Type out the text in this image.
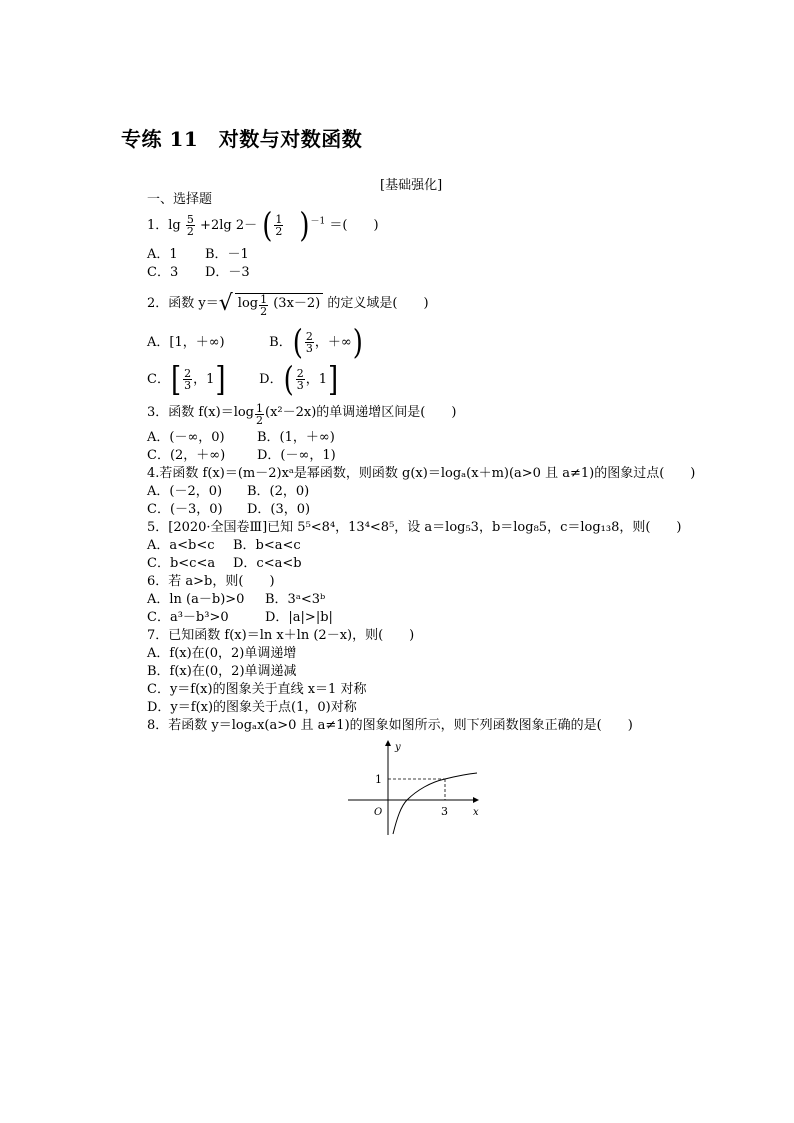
专练 11　对数与对数函数
[基础强化]
一、选择题
1．$\lg \frac{5}{2} +2\lg$ 2－ ( $\frac{1}{2} )^{-1}$ ＝(　　)
A．1 B．－1
C．3 D．－3
2．函数 y＝√ $\log \frac{1}{2} (3x-2)$ 的定义域是(　　)
A．[1，＋∞)	B．( $\frac{2}{3}$ ，＋∞)
C．[ $\frac{2}{3}$ ，1]	D．( $\frac{2}{3}$ ，1]
3．函数 $f(x)=\log \frac{1}{2} (x^2-2x)$的单调递增区间是(　　)
A．(－∞，0) B．(1，＋∞)
C．(2，＋∞) D．(－∞，1)
4.若函数 f(x)＝(m－2)xᵃ是幂函数，则函数 g(x)＝logₐ(x＋m)(a>0 且 a≠1)的图象过点(　　)
A．(－2，0) B．(2，0)
C．(－3，0) D．(3，0)
5．[2020·全国卷Ⅲ]已知 5⁵<8⁴，13⁴<8⁵，设 a＝log₅3，b＝log₈5，c＝log₁₃8，则(　　)
A．a<b<c B．b<a<c
C．b<c<a D．c<a<b
6．若 a>b，则(　　)
A．ln (a－b)>0 B．3ᵃ<3ᵇ
C．a³－b³>0	D．|a|>|b|
7．已知函数 f(x)＝ln x＋ln (2－x)，则(　　)
A．f(x)在(0，2)单调递增
B．f(x)在(0，2)单调递减
C．y＝f(x)的图象关于直线 x＝1 对称
D．y＝f(x)的图象关于点(1，0)对称
8．若函数 y＝logₐx(a>0 且 a≠1)的图象如图所示，则下列函数图象正确的是(　　)
y
x
O
1
3
